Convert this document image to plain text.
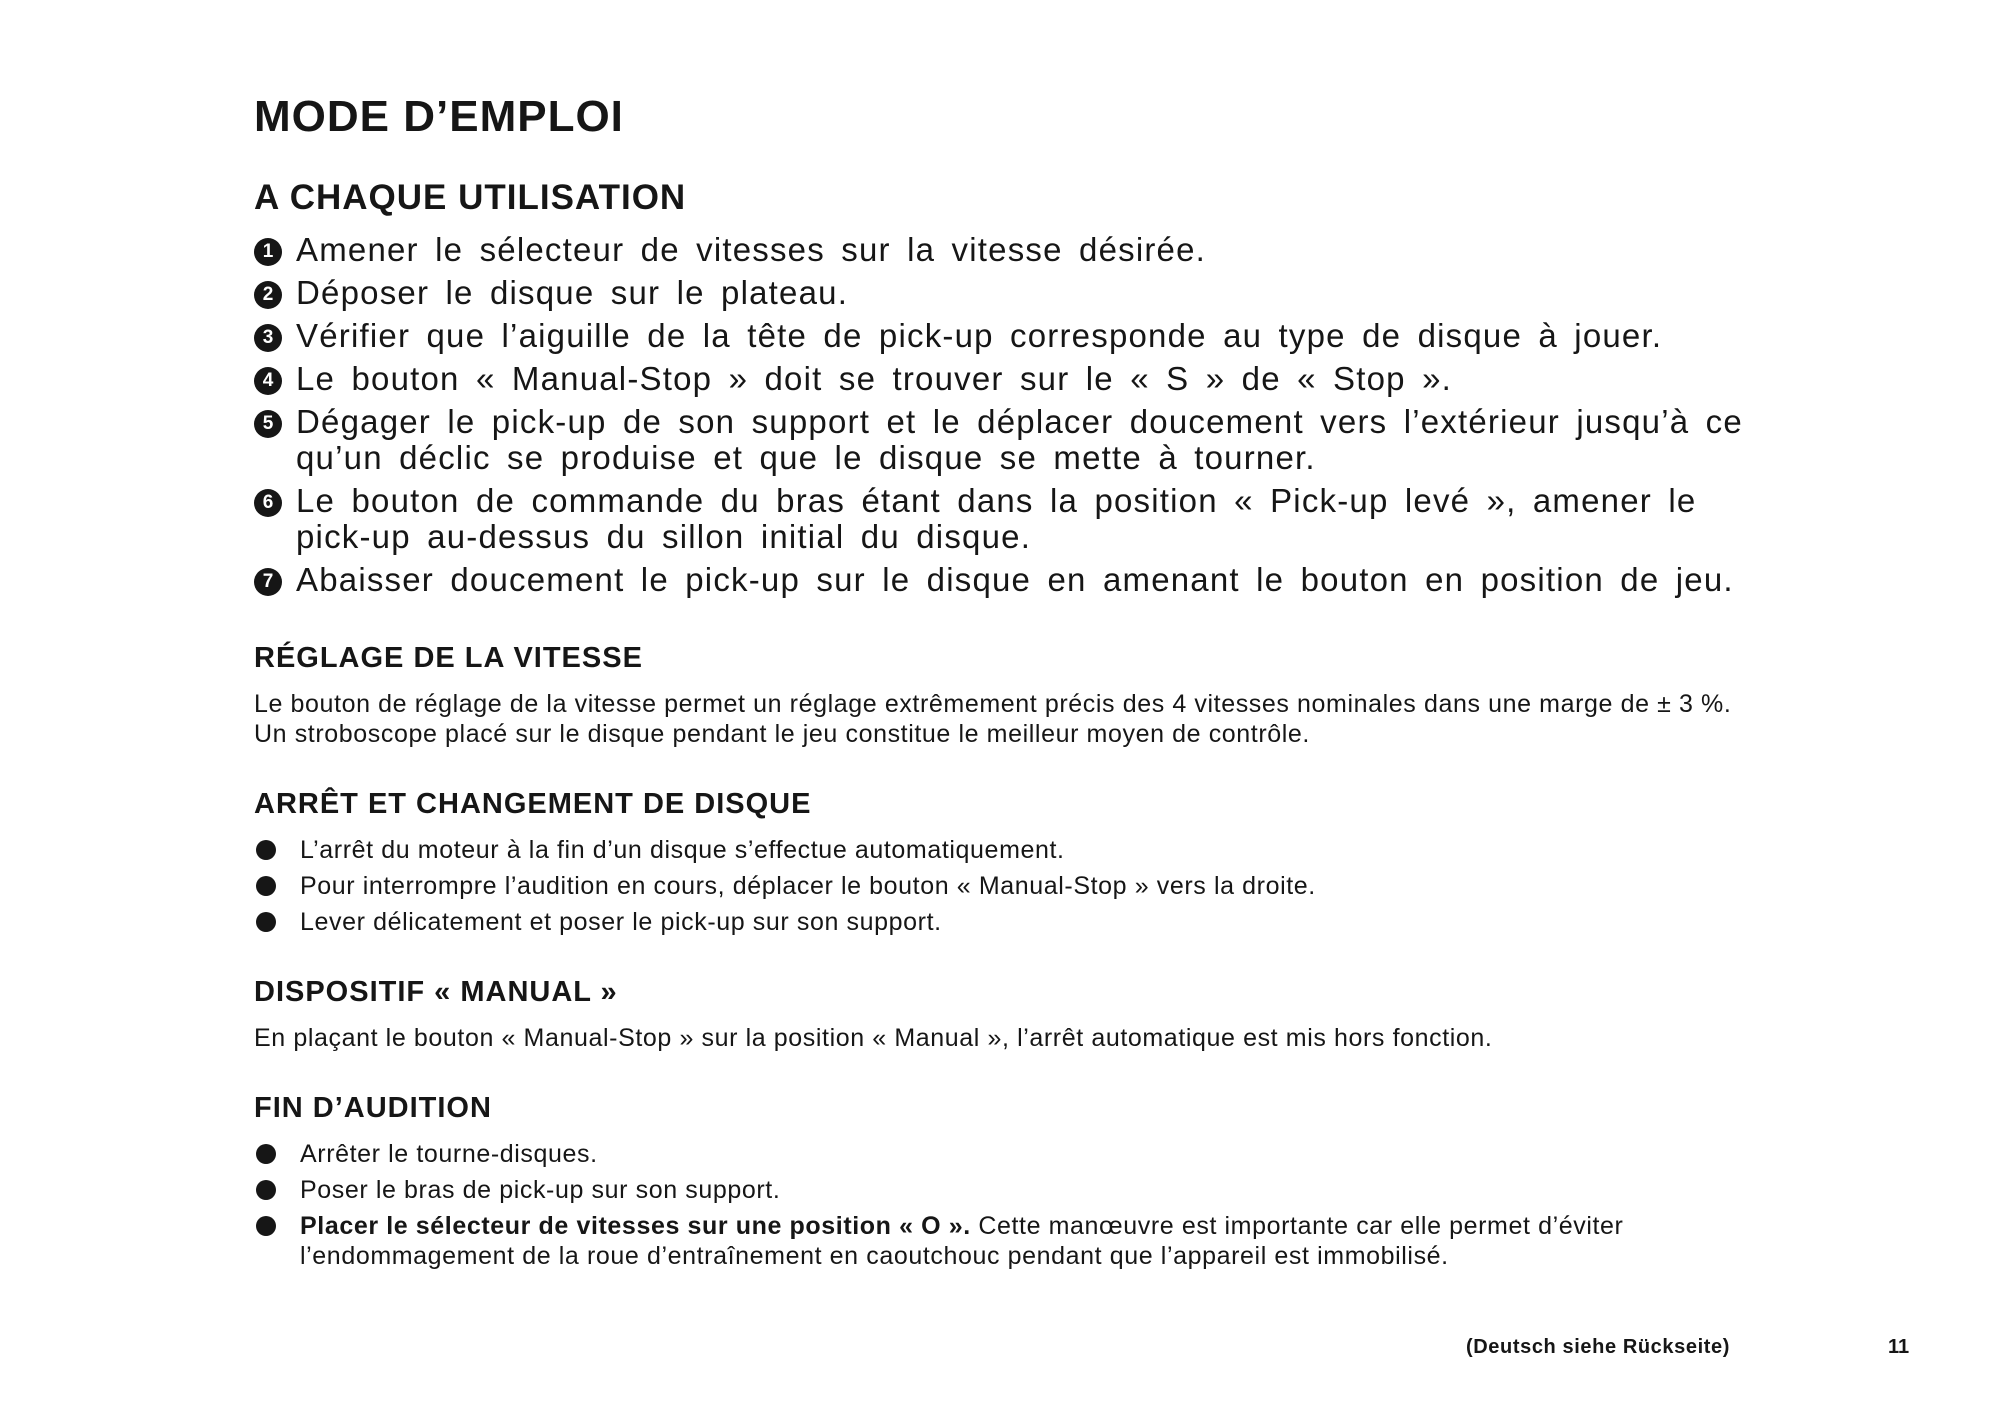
MODE D’EMPLOI
A CHAQUE UTILISATION
1 Amener le sélecteur de vitesses sur la vitesse désirée.
2 Déposer le disque sur le plateau.
3 Vérifier que l’aiguille de la tête de pick-up corresponde au type de disque à jouer.
4 Le bouton « Manual-Stop » doit se trouver sur le « S » de « Stop ».
5 Dégager le pick-up de son support et le déplacer doucement vers l’extérieur jusqu’à ce qu’un déclic se produise et que le disque se mette à tourner.
6 Le bouton de commande du bras étant dans la position « Pick-up levé », amener le pick-up au-dessus du sillon initial du disque.
7 Abaisser doucement le pick-up sur le disque en amenant le bouton en position de jeu.
RÉGLAGE DE LA VITESSE

Le bouton de réglage de la vitesse permet un réglage extrêmement précis des 4 vitesses nominales dans une marge de ± 3 %. Un stroboscope placé sur le disque pendant le jeu constitue le meilleur moyen de contrôle.

ARRÊT ET CHANGEMENT DE DISQUE
L’arrêt du moteur à la fin d’un disque s’effectue automatiquement.
Pour interrompre l’audition en cours, déplacer le bouton « Manual-Stop » vers la droite.
Lever délicatement et poser le pick-up sur son support.
DISPOSITIF « MANUAL »

En plaçant le bouton « Manual-Stop » sur la position « Manual », l’arrêt automatique est mis hors fonction.

FIN D’AUDITION
Arrêter le tourne-disques.
Poser le bras de pick-up sur son support.
Placer le sélecteur de vitesses sur une position « O ». Cette manœuvre est importante car elle permet d’éviter l’endommagement de la roue d’entraînement en caoutchouc pendant que l’appareil est immobilisé.
(Deutsch siehe Rückseite)	11
